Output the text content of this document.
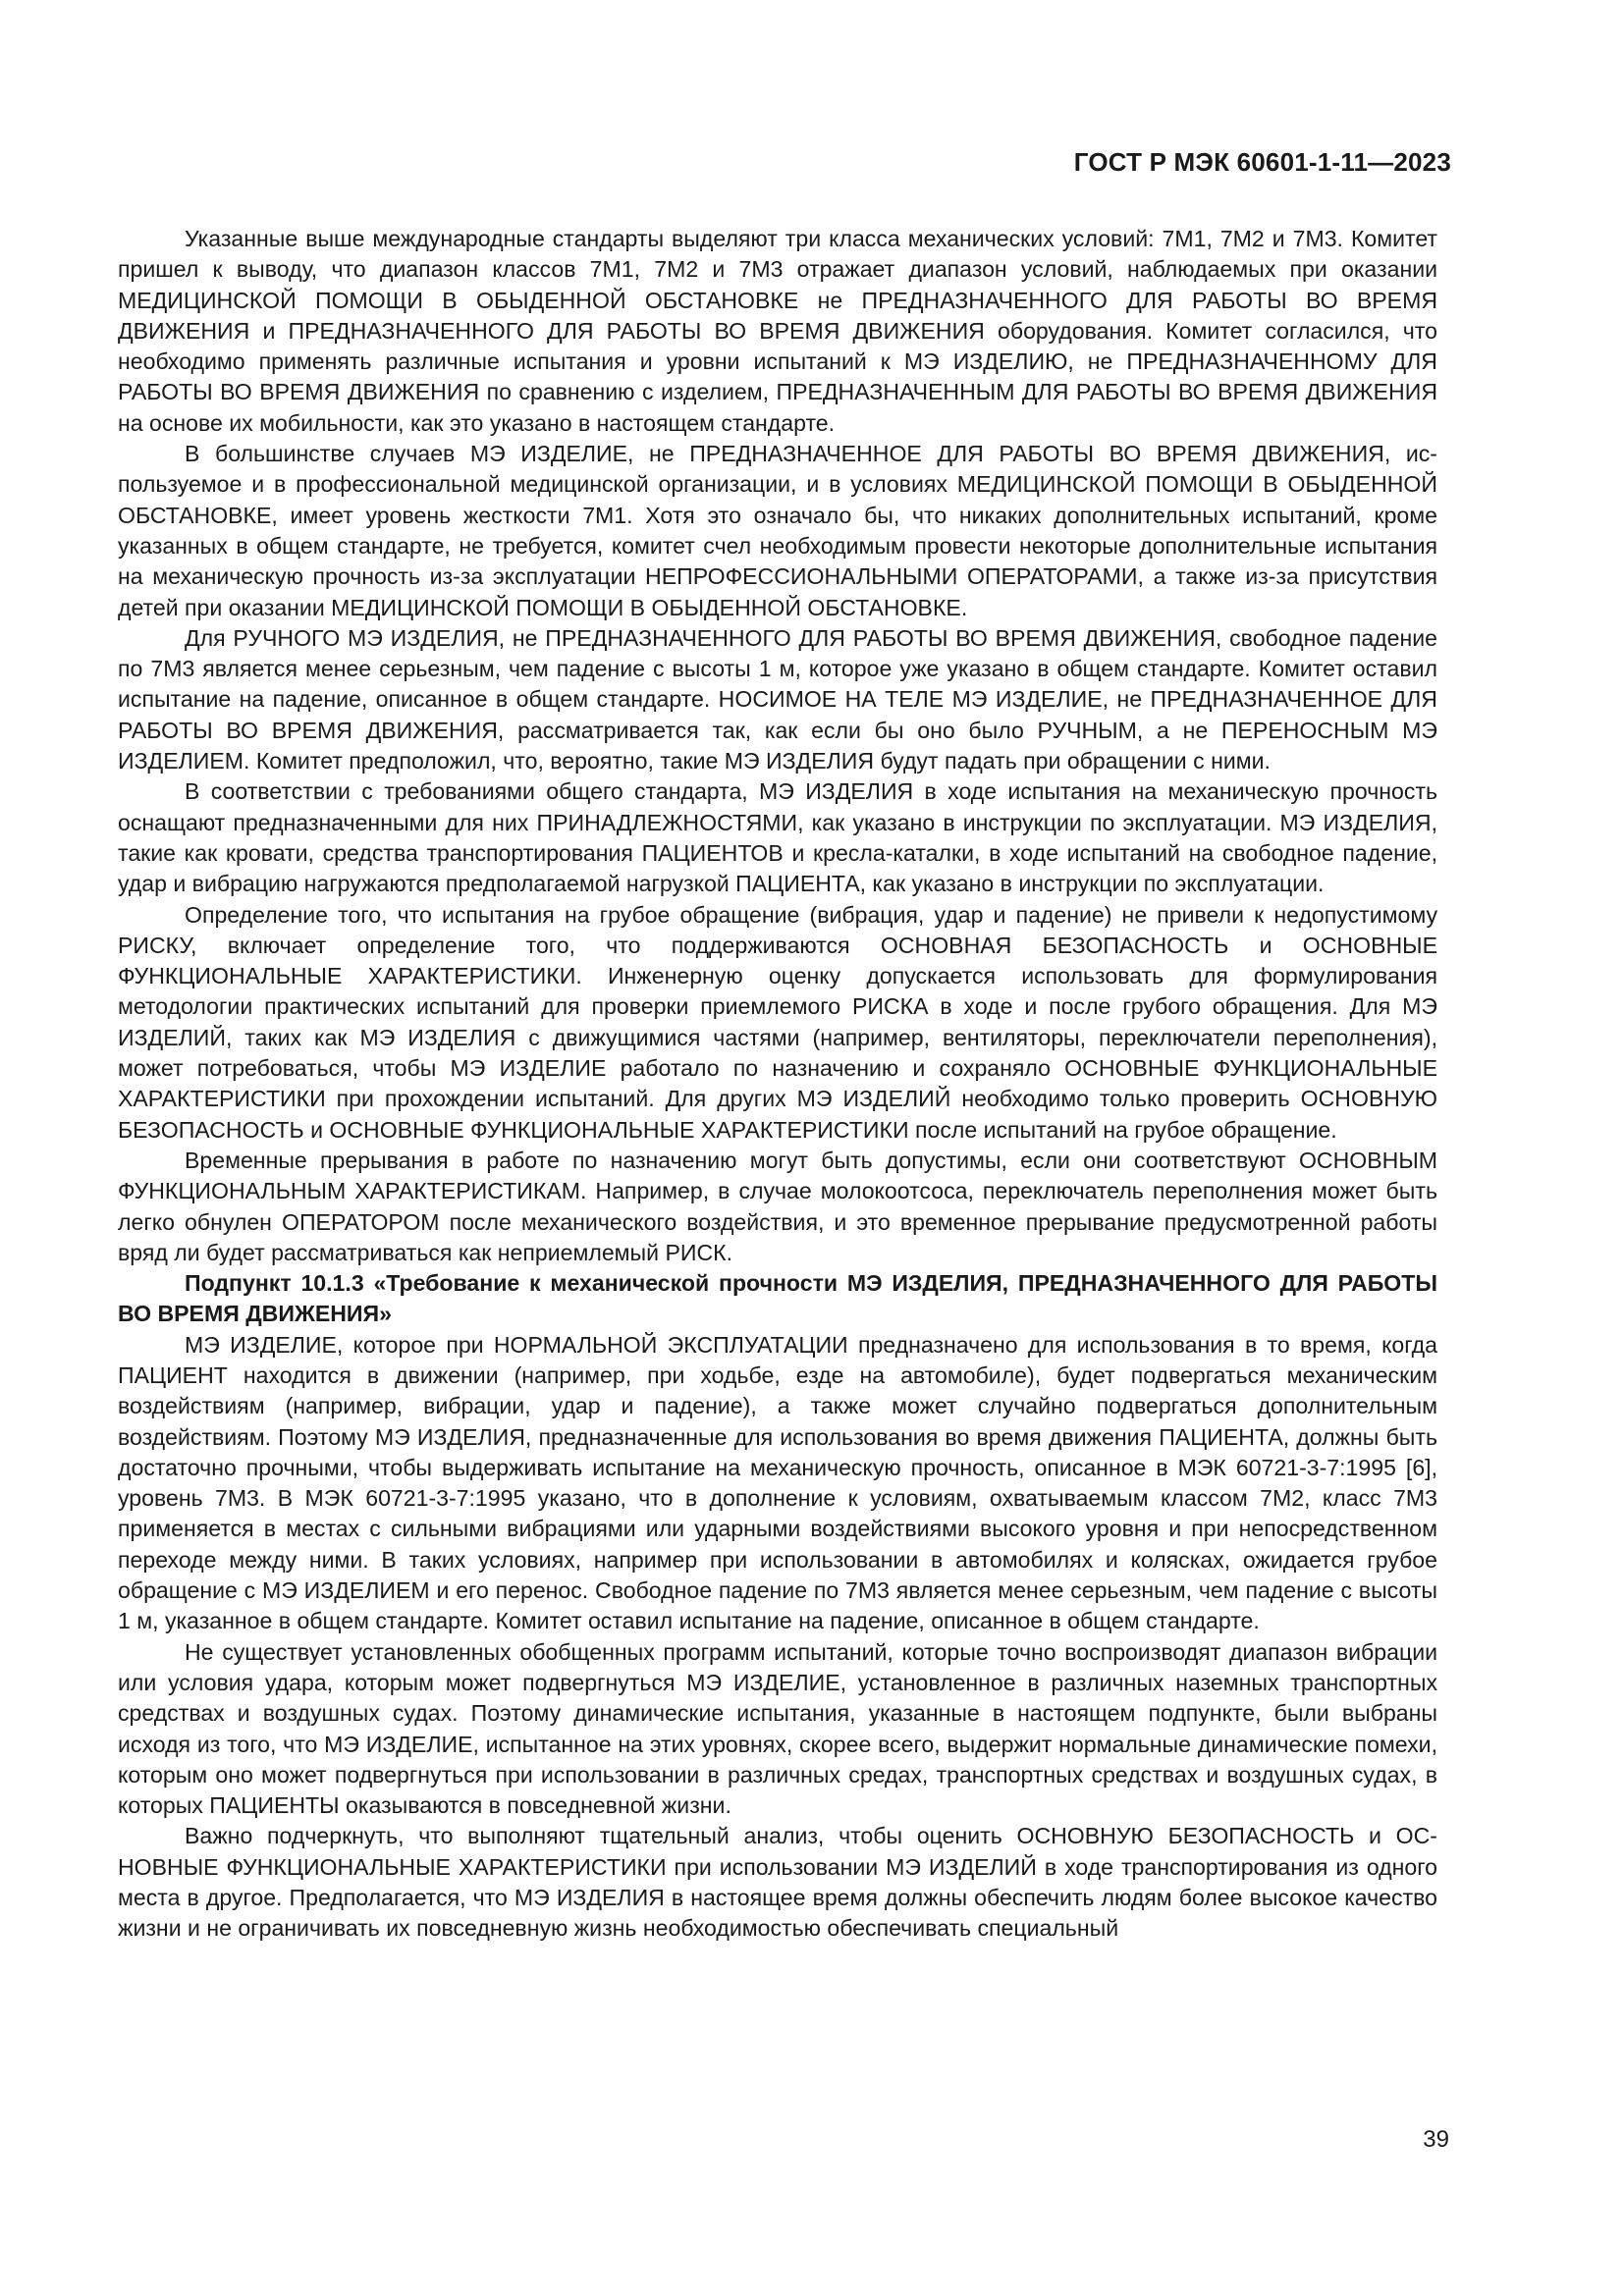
ГОСТ Р МЭК 60601-1-11—2023

Указанные выше международные стандарты выделяют три класса механических условий: 7M1, 7M2 и 7M3. Комитет пришел к выводу, что диапазон классов 7M1, 7M2 и 7M3 отражает диапазон условий, наблюдаемых при оказании МЕДИЦИНСКОЙ ПОМОЩИ В ОБЫДЕННОЙ ОБСТАНОВКЕ не ПРЕДНАЗНАЧЕННОГО ДЛЯ РАБОТЫ ВО ВРЕМЯ ДВИЖЕНИЯ и ПРЕДНАЗНАЧЕННОГО ДЛЯ РАБОТЫ ВО ВРЕМЯ ДВИЖЕНИЯ оборудования. Комитет согласился, что необходимо применять различные испытания и уровни испытаний к МЭ ИЗДЕЛИЮ, не ПРЕДНАЗНАЧЕННОМУ ДЛЯ РАБОТЫ ВО ВРЕМЯ ДВИЖЕНИЯ по сравнению с изделием, ПРЕДНАЗНАЧЕННЫМ ДЛЯ РАБОТЫ ВО ВРЕМЯ ДВИЖЕНИЯ на основе их мобильности, как это указано в настоящем стандарте.

В большинстве случаев МЭ ИЗДЕЛИЕ, не ПРЕДНАЗНАЧЕННОЕ ДЛЯ РАБОТЫ ВО ВРЕМЯ ДВИЖЕНИЯ, используемое и в профессиональной медицинской организации, и в условиях МЕДИЦИНСКОЙ ПОМОЩИ В ОБЫДЕННОЙ ОБСТАНОВКЕ, имеет уровень жесткости 7M1. Хотя это означало бы, что никаких дополнительных испытаний, кроме указанных в общем стандарте, не требуется, комитет счел необходимым провести некоторые дополнительные испытания на механическую прочность из-за эксплуатации НЕПРОФЕССИОНАЛЬНЫМИ ОПЕРАТОРАМИ, а также из-за присутствия детей при оказании МЕДИЦИНСКОЙ ПОМОЩИ В ОБЫДЕННОЙ ОБСТАНОВКЕ.

Для РУЧНОГО МЭ ИЗДЕЛИЯ, не ПРЕДНАЗНАЧЕННОГО ДЛЯ РАБОТЫ ВО ВРЕМЯ ДВИЖЕНИЯ, свободное падение по 7M3 является менее серьезным, чем падение с высоты 1 м, которое уже указано в общем стандарте. Комитет оставил испытание на падение, описанное в общем стандарте. НОСИМОЕ НА ТЕЛЕ МЭ ИЗДЕЛИЕ, не ПРЕДНАЗНАЧЕННОЕ ДЛЯ РАБОТЫ ВО ВРЕМЯ ДВИЖЕНИЯ, рассматривается так, как если бы оно было РУЧНЫМ, а не ПЕРЕНОСНЫМ МЭ ИЗДЕЛИЕМ. Комитет предположил, что, вероятно, такие МЭ ИЗДЕЛИЯ будут падать при обращении с ними.

В соответствии с требованиями общего стандарта, МЭ ИЗДЕЛИЯ в ходе испытания на механическую прочность оснащают предназначенными для них ПРИНАДЛЕЖНОСТЯМИ, как указано в инструкции по эксплуатации. МЭ ИЗДЕЛИЯ, такие как кровати, средства транспортирования ПАЦИЕНТОВ и кресла-каталки, в ходе испытаний на свободное падение, удар и вибрацию нагружаются предполагаемой нагрузкой ПАЦИЕНТА, как указано в инструкции по эксплуатации.

Определение того, что испытания на грубое обращение (вибрация, удар и падение) не привели к недопустимому РИСКУ, включает определение того, что поддерживаются ОСНОВНАЯ БЕЗОПАСНОСТЬ и ОСНОВНЫЕ ФУНКЦИОНАЛЬНЫЕ ХАРАКТЕРИСТИКИ. Инженерную оценку допускается использовать для формулирования методологии практических испытаний для проверки приемлемого РИСКА в ходе и после грубого обращения. Для МЭ ИЗДЕЛИЙ, таких как МЭ ИЗДЕЛИЯ с движущимися частями (например, вентиляторы, переключатели переполнения), может потребоваться, чтобы МЭ ИЗДЕЛИЕ работало по назначению и сохраняло ОСНОВНЫЕ ФУНКЦИОНАЛЬНЫЕ ХАРАКТЕРИСТИКИ при прохождении испытаний. Для других МЭ ИЗДЕЛИЙ необходимо только проверить ОСНОВНУЮ БЕЗОПАСНОСТЬ и ОСНОВНЫЕ ФУНКЦИОНАЛЬНЫЕ ХАРАКТЕРИСТИКИ после испытаний на грубое обращение.

Временные прерывания в работе по назначению могут быть допустимы, если они соответствуют ОСНОВНЫМ ФУНКЦИОНАЛЬНЫМ ХАРАКТЕРИСТИКАМ. Например, в случае молокоотсоса, переключатель переполнения может быть легко обнулен ОПЕРАТОРОМ после механического воздействия, и это временное прерывание предусмотренной работы вряд ли будет рассматриваться как неприемлемый РИСК.

Подпункт 10.1.3 «Требование к механической прочности МЭ ИЗДЕЛИЯ, ПРЕДНАЗНАЧЕННОГО ДЛЯ РАБОТЫ ВО ВРЕМЯ ДВИЖЕНИЯ»

МЭ ИЗДЕЛИЕ, которое при НОРМАЛЬНОЙ ЭКСПЛУАТАЦИИ предназначено для использования в то время, когда ПАЦИЕНТ находится в движении (например, при ходьбе, езде на автомобиле), будет подвергаться механическим воздействиям (например, вибрации, удар и падение), а также может случайно подвергаться дополнительным воздействиям. Поэтому МЭ ИЗДЕЛИЯ, предназначенные для использования во время движения ПАЦИЕНТА, должны быть достаточно прочными, чтобы выдерживать испытание на механическую прочность, описанное в МЭК 60721-3-7:1995 [6], уровень 7M3. В МЭК 60721-3-7:1995 указано, что в дополнение к условиям, охватываемым классом 7M2, класс 7M3 применяется в местах с сильными вибрациями или ударными воздействиями высокого уровня и при непосредственном переходе между ними. В таких условиях, например при использовании в автомобилях и колясках, ожидается грубое обращение с МЭ ИЗДЕЛИЕМ и его перенос. Свободное падение по 7M3 является менее серьезным, чем падение с высоты 1 м, указанное в общем стандарте. Комитет оставил испытание на падение, описанное в общем стандарте.

Не существует установленных обобщенных программ испытаний, которые точно воспроизводят диапазон вибрации или условия удара, которым может подвергнуться МЭ ИЗДЕЛИЕ, установленное в различных наземных транспортных средствах и воздушных судах. Поэтому динамические испытания, указанные в настоящем подпункте, были выбраны исходя из того, что МЭ ИЗДЕЛИЕ, испытанное на этих уровнях, скорее всего, выдержит нормальные динамические помехи, которым оно может подвергнуться при использовании в различных средах, транспортных средствах и воздушных судах, в которых ПАЦИЕНТЫ оказываются в повседневной жизни.

Важно подчеркнуть, что выполняют тщательный анализ, чтобы оценить ОСНОВНУЮ БЕЗОПАСНОСТЬ и ОСНОВНЫЕ ФУНКЦИОНАЛЬНЫЕ ХАРАКТЕРИСТИКИ при использовании МЭ ИЗДЕЛИЙ в ходе транспортирования из одного места в другое. Предполагается, что МЭ ИЗДЕЛИЯ в настоящее время должны обеспечить людям более высокое качество жизни и не ограничивать их повседневную жизнь необходимостью обеспечивать специальный

39
